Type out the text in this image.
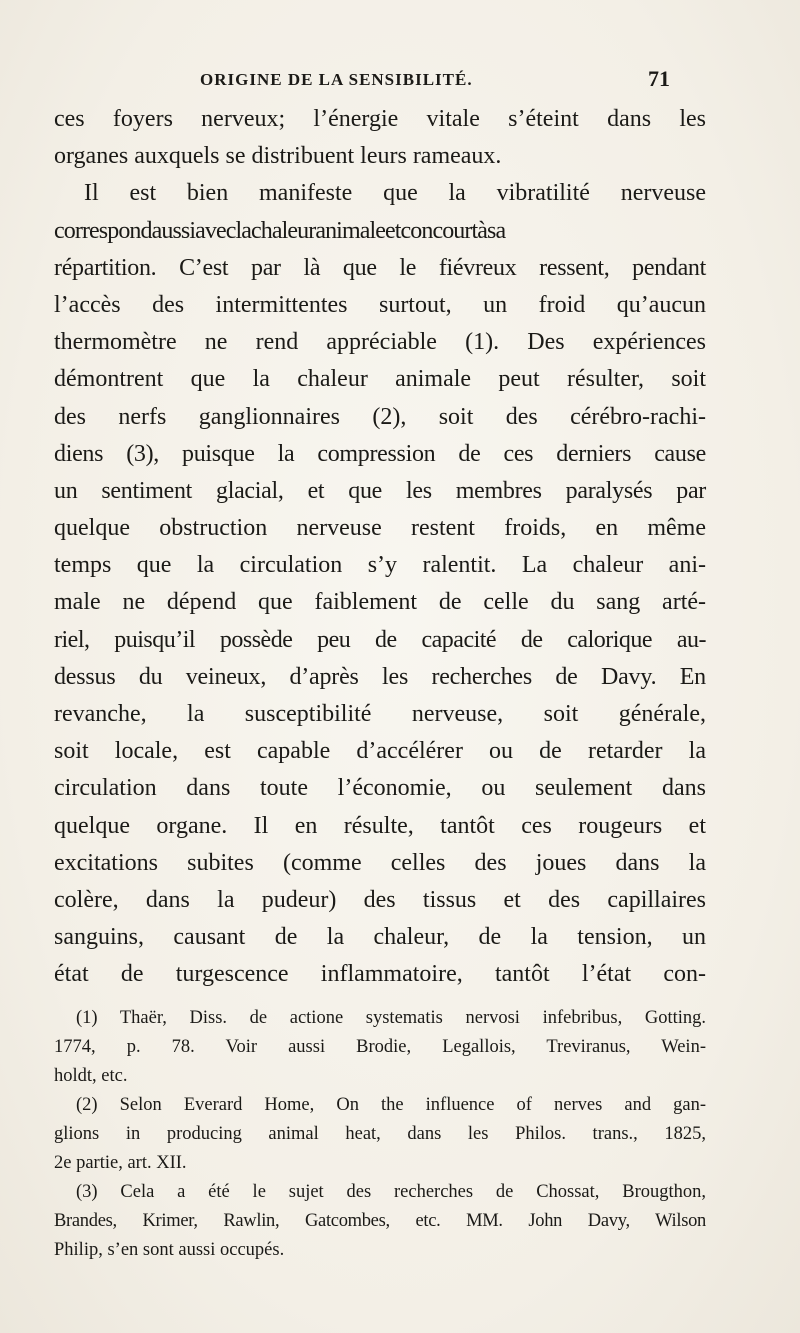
ORIGINE DE LA SENSIBILITÉ.	71
ces foyers nerveux; l’énergie vitale s’éteint dans les
organes auxquels se distribuent leurs rameaux.
Il est bien manifeste que la vibratilité nerveuse
correspondaussiaveclachaleuranimaleetconcourtàsa
répartition. C’est par là que le fiévreux ressent, pendant
l’accès des intermittentes surtout, un froid qu’aucun
thermomètre ne rend appréciable (1). Des expériences
démontrent que la chaleur animale peut résulter, soit
des nerfs ganglionnaires (2), soit des cérébro-rachi-
diens (3), puisque la compression de ces derniers cause
un sentiment glacial, et que les membres paralysés par
quelque obstruction nerveuse restent froids, en même
temps que la circulation s’y ralentit. La chaleur ani-
male ne dépend que faiblement de celle du sang arté-
riel, puisqu’il possède peu de capacité de calorique au-
dessus du veineux, d’après les recherches de Davy. En
revanche, la susceptibilité nerveuse, soit générale,
soit locale, est capable d’accélérer ou de retarder la
circulation dans toute l’économie, ou seulement dans
quelque organe. Il en résulte, tantôt ces rougeurs et
excitations subites (comme celles des joues dans la
colère, dans la pudeur) des tissus et des capillaires
sanguins, causant de la chaleur, de la tension, un
état de turgescence inflammatoire, tantôt l’état con-
(1) Thaër, Diss. de actione systematis nervosi infebribus, Gotting.
1774, p. 78. Voir aussi Brodie, Legallois, Treviranus, Wein-
holdt, etc.
(2) Selon Everard Home, On the influence of nerves and gan-
glions in producing animal heat, dans les Philos. trans., 1825,
2e partie, art. XII.
(3) Cela a été le sujet des recherches de Chossat, Brougthon,
Brandes, Krimer, Rawlin, Gatcombes, etc. MM. John Davy, Wilson
Philip, s’en sont aussi occupés.
